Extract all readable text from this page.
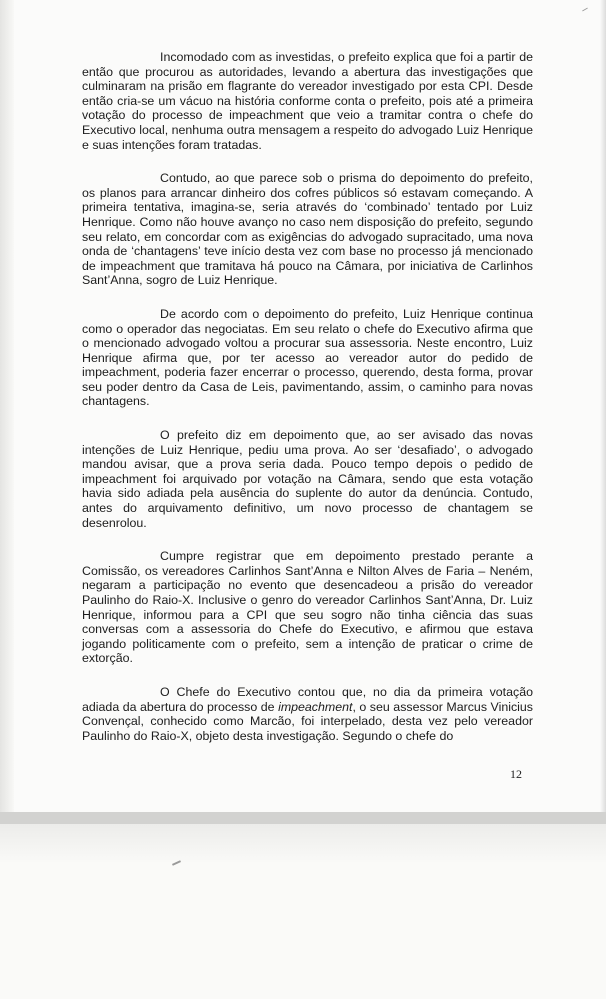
Incomodado com as investidas, o prefeito explica que foi a partir de então que procurou as autoridades, levando a abertura das investigações que culminaram na prisão em flagrante do vereador investigado por esta CPI. Desde então cria-se um vácuo na história conforme conta o prefeito, pois até a primeira votação do processo de impeachment que veio a tramitar contra o chefe do Executivo local, nenhuma outra mensagem a respeito do advogado Luiz Henrique e suas intenções foram tratadas.

Contudo, ao que parece sob o prisma do depoimento do prefeito, os planos para arrancar dinheiro dos cofres públicos só estavam começando. A primeira tentativa, imagina-se, seria através do ‘combinado’ tentado por Luiz Henrique. Como não houve avanço no caso nem disposição do prefeito, segundo seu relato, em concordar com as exigências do advogado supracitado, uma nova onda de ‘chantagens’ teve início desta vez com base no processo já mencionado de impeachment que tramitava há pouco na Câmara, por iniciativa de Carlinhos Sant’Anna, sogro de Luiz Henrique.

De acordo com o depoimento do prefeito, Luiz Henrique continua como o operador das negociatas. Em seu relato o chefe do Executivo afirma que o mencionado advogado voltou a procurar sua assessoria. Neste encontro, Luiz Henrique afirma que, por ter acesso ao vereador autor do pedido de impeachment, poderia fazer encerrar o processo, querendo, desta forma, provar seu poder dentro da Casa de Leis, pavimentando, assim, o caminho para novas chantagens.

O prefeito diz em depoimento que, ao ser avisado das novas intenções de Luiz Henrique, pediu uma prova. Ao ser ‘desafiado’, o advogado mandou avisar, que a prova seria dada. Pouco tempo depois o pedido de impeachment foi arquivado por votação na Câmara, sendo que esta votação havia sido adiada pela ausência do suplente do autor da denúncia. Contudo, antes do arquivamento definitivo, um novo processo de chantagem se desenrolou.

Cumpre registrar que em depoimento prestado perante a Comissão, os vereadores Carlinhos Sant’Anna e Nilton Alves de Faria – Neném, negaram a participação no evento que desencadeou a prisão do vereador Paulinho do Raio-X. Inclusive o genro do vereador Carlinhos Sant’Anna, Dr. Luiz Henrique, informou para a CPI que seu sogro não tinha ciência das suas conversas com a assessoria do Chefe do Executivo, e afirmou que estava jogando politicamente com o prefeito, sem a intenção de praticar o crime de extorção.

O Chefe do Executivo contou que, no dia da primeira votação adiada da abertura do processo de impeachment, o seu assessor Marcus Vinicius Convençal, conhecido como Marcão, foi interpelado, desta vez pelo vereador Paulinho do Raio-X, objeto desta investigação. Segundo o chefe do

12
